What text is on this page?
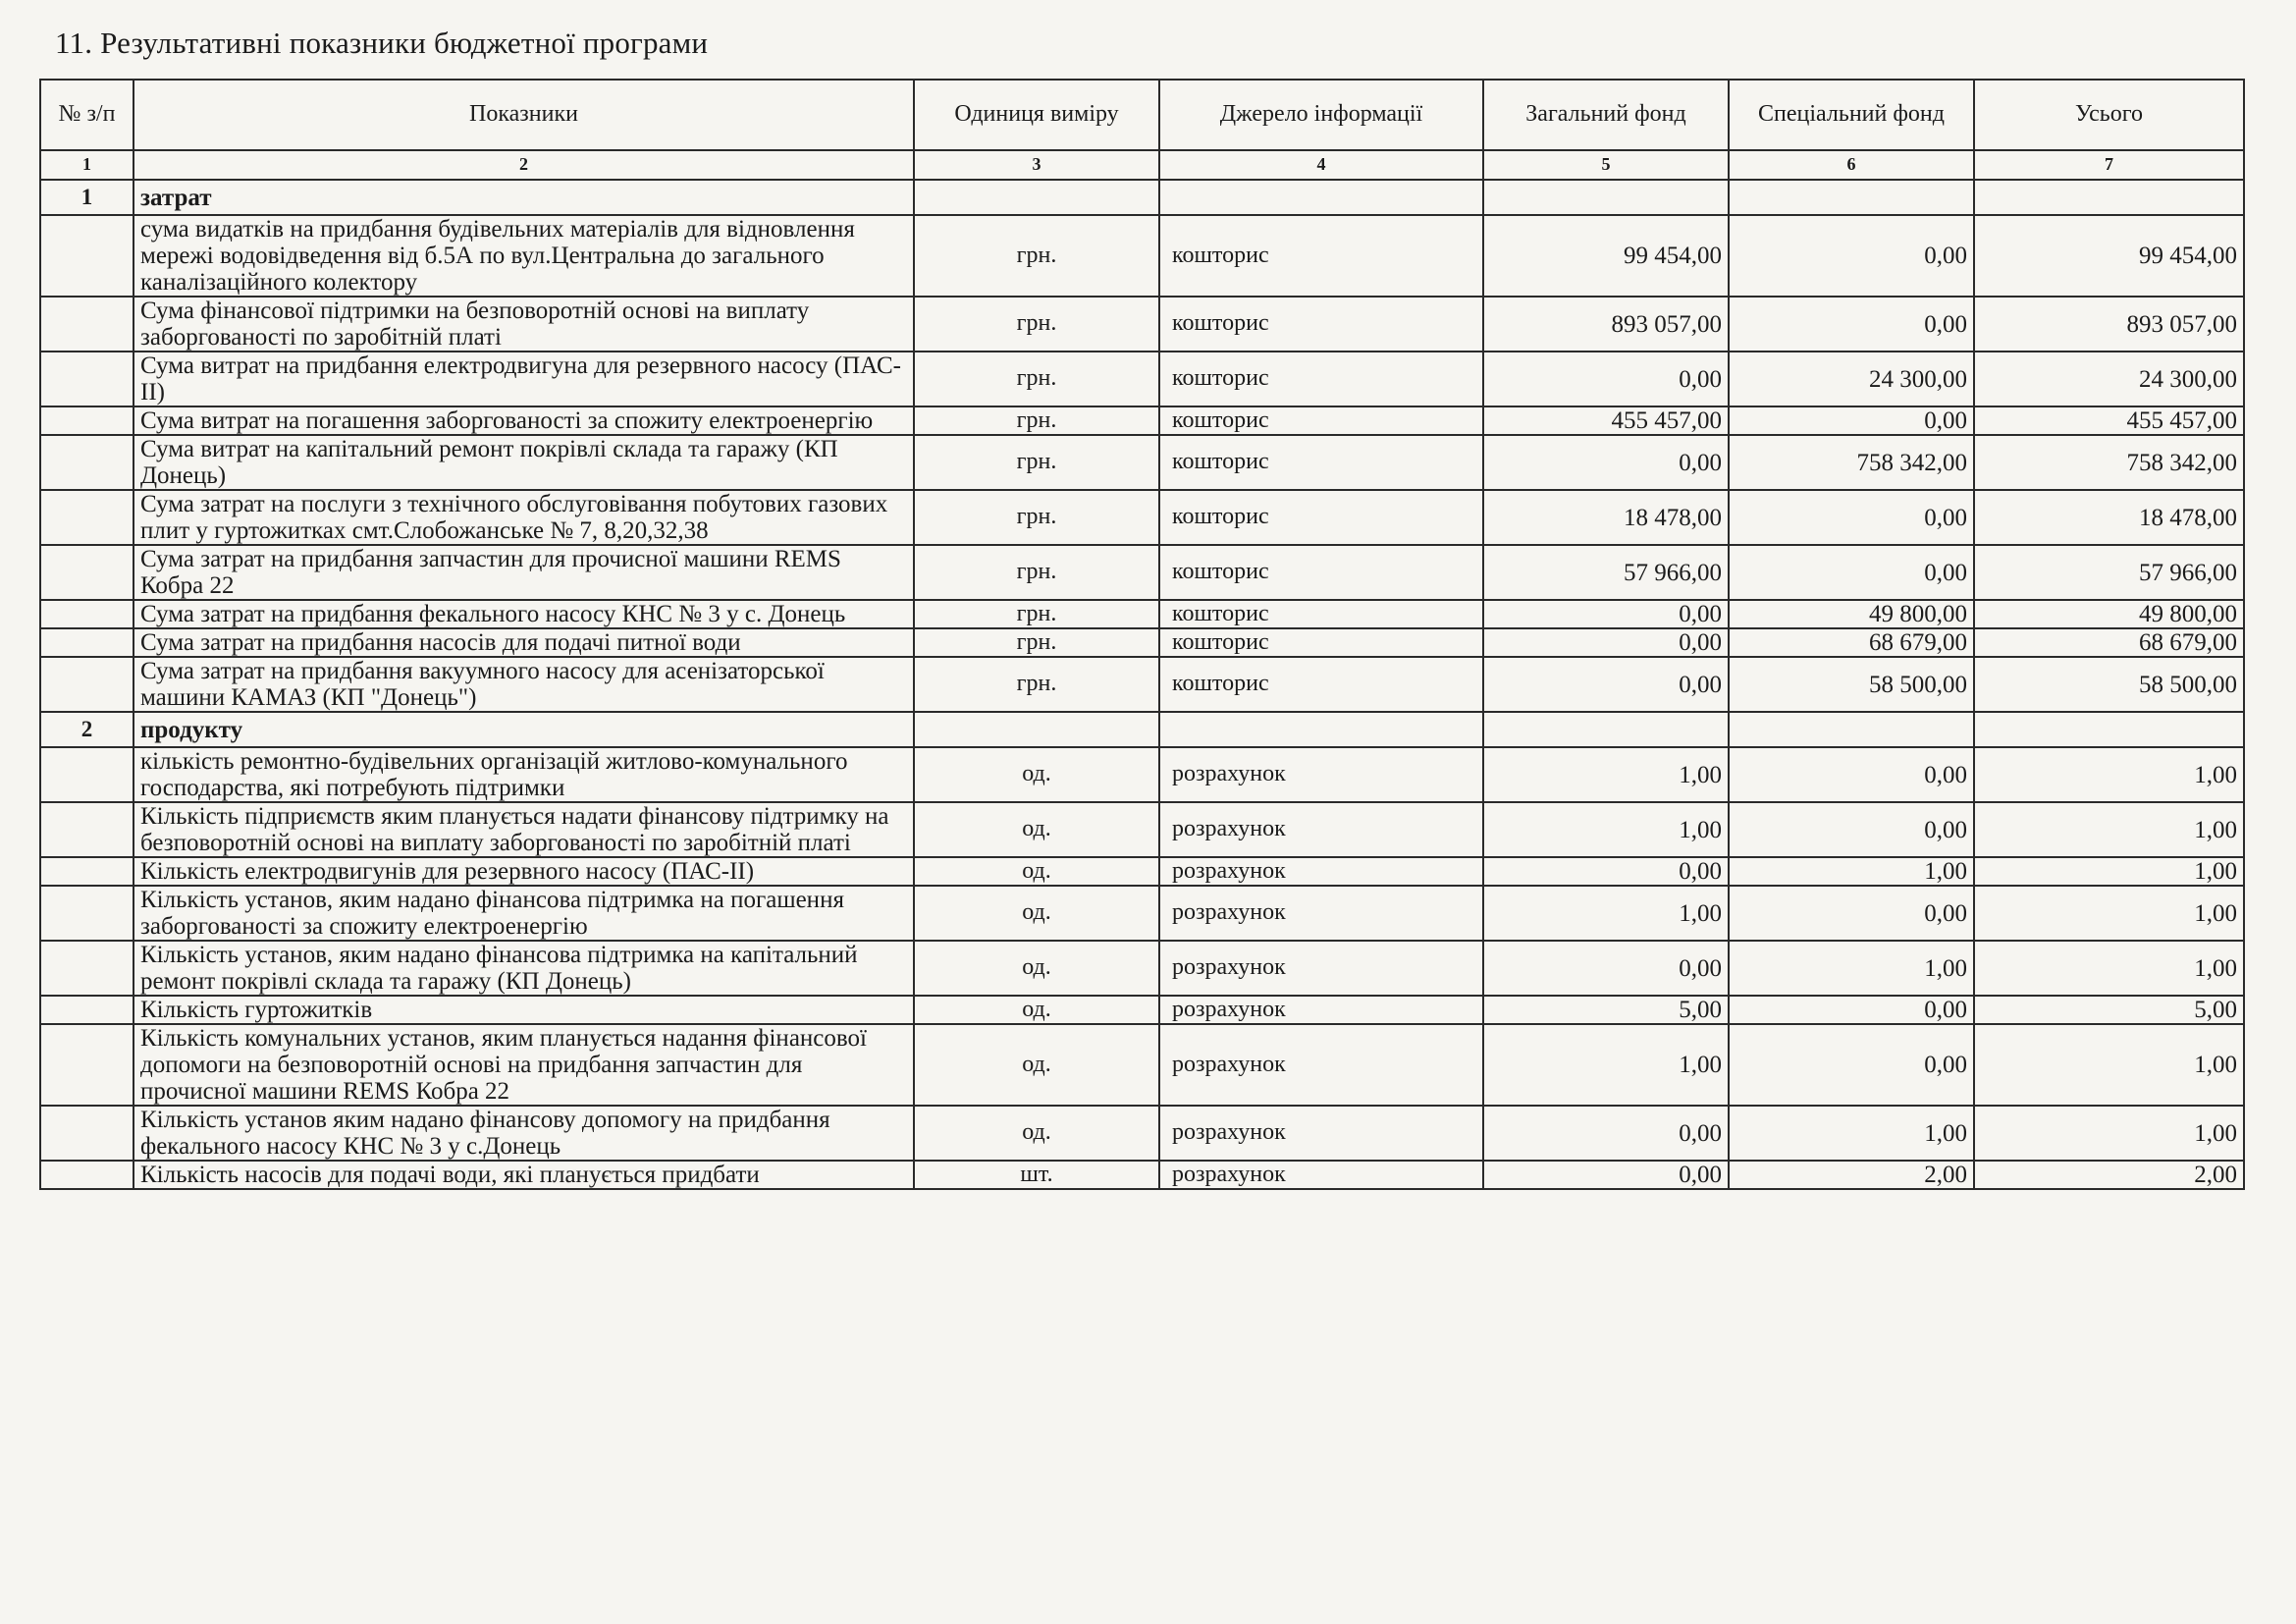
11. Результативні показники бюджетної програми
№ з/п	Показники	Одиниця виміру	Джерело інформації	Загальний фонд	Спеціальний фонд	Усього
1	2	3	4	5	6	7
1	затрат					
	сума видатків на придбання будівельних матеріалів для відновлення мережі водовідведення від б.5А по вул.Центральна до загального каналізаційного колектору	грн.	кошторис	99 454,00	0,00	99 454,00
	Сума фінансової підтримки на безповоротній основі на виплату заборгованості по заробітній платі	грн.	кошторис	893 057,00	0,00	893 057,00
	Сума витрат на придбання електродвигуна для резервного насосу (ПАС-ІІ)	грн.	кошторис	0,00	24 300,00	24 300,00
	Сума витрат на погашення заборгованості за спожиту електроенергію	грн.	кошторис	455 457,00	0,00	455 457,00
	Сума витрат на капітальний ремонт покрівлі склада та гаражу (КП Донець)	грн.	кошторис	0,00	758 342,00	758 342,00
	Сума затрат на послуги з технічного обслуговівання побутових газових плит у гуртожитках смт.Слобожанське № 7, 8,20,32,38	грн.	кошторис	18 478,00	0,00	18 478,00
	Сума затрат на придбання запчастин для прочисної машини REMS Кобра 22	грн.	кошторис	57 966,00	0,00	57 966,00
	Сума затрат на придбання фекального насосу КНС № 3 у с. Донець	грн.	кошторис	0,00	49 800,00	49 800,00
	Сума затрат на придбання насосів для подачі питної води	грн.	кошторис	0,00	68 679,00	68 679,00
	Сума затрат на придбання вакуумного насосу для асенізаторської машини КАМАЗ (КП "Донець")	грн.	кошторис	0,00	58 500,00	58 500,00
2	продукту					
	кількість ремонтно-будівельних організацій житлово-комунального господарства, які потребують підтримки	од.	розрахунок	1,00	0,00	1,00
	Кількість підприємств яким планується надати фінансову підтримку на безповоротній основі на виплату заборгованості по заробітній платі	од.	розрахунок	1,00	0,00	1,00
	Кількість електродвигунів для резервного насосу (ПАС-ІІ)	од.	розрахунок	0,00	1,00	1,00
	Кількість установ, яким надано фінансова підтримка на погашення заборгованості за спожиту електроенергію	од.	розрахунок	1,00	0,00	1,00
	Кількість установ, яким надано фінансова підтримка на капітальний ремонт покрівлі склада та гаражу (КП Донець)	од.	розрахунок	0,00	1,00	1,00
	Кількість гуртожитків	од.	розрахунок	5,00	0,00	5,00
	Кількість комунальних установ, яким планується надання фінансової допомоги на безповоротній основі на придбання запчастин для прочисної машини REMS Кобра 22	од.	розрахунок	1,00	0,00	1,00
	Кількість установ яким надано фінансову допомогу на придбання фекального насосу КНС № 3 у с.Донець	од.	розрахунок	0,00	1,00	1,00
	Кількість насосів для подачі води, які планується придбати	шт.	розрахунок	0,00	2,00	2,00
